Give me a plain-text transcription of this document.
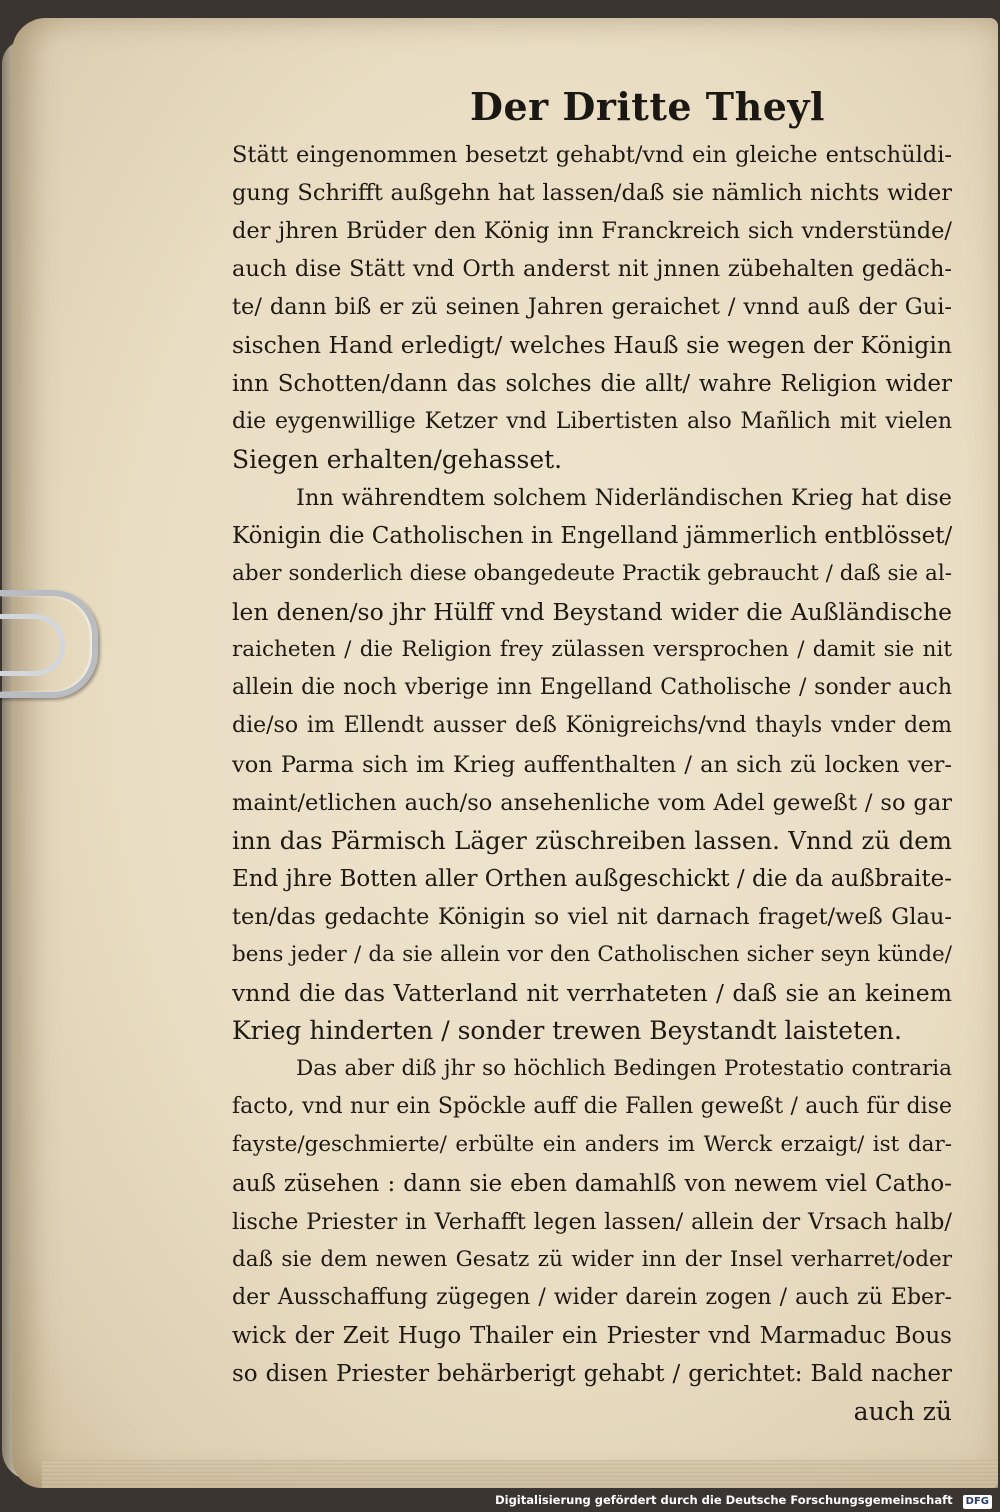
Der Dritte Theyl
Stätt eingenommen besetzt gehabt/vnd ein gleiche entschüldi-
gung Schrifft außgehn hat lassen/daß sie nämlich nichts wider
der jhren Brüder den König inn Franckreich sich vnderstünde/
auch dise Stätt vnd Orth anderst nit jnnen zübehalten gedäch-
te/ dann biß er zü seinen Jahren geraichet / vnnd auß der Gui-
sischen Hand erledigt/ welches Hauß sie wegen der Königin
inn Schotten/dann das solches die allt/ wahre Religion wider
die eygenwillige Ketzer vnd Libertisten also Mañlich mit vielen
Siegen erhalten/gehasset.
Inn währendtem solchem Niderländischen Krieg hat dise
Königin die Catholischen in Engelland jämmerlich entblösset/
aber sonderlich diese obangedeute Practik gebraucht / daß sie al-
len denen/so jhr Hülff vnd Beystand wider die Außländische
raicheten / die Religion frey zülassen versprochen / damit sie nit
allein die noch vberige inn Engelland Catholische / sonder auch
die/so im Ellendt ausser deß Königreichs/vnd thayls vnder dem
von Parma sich im Krieg auffenthalten / an sich zü locken ver-
maint/etlichen auch/so ansehenliche vom Adel geweßt / so gar
inn das Pärmisch Läger züschreiben lassen. Vnnd zü dem
End jhre Botten aller Orthen außgeschickt / die da außbraite-
ten/das gedachte Königin so viel nit darnach fraget/weß Glau-
bens jeder / da sie allein vor den Catholischen sicher seyn künde/
vnnd die das Vatterland nit verrhateten / daß sie an keinem
Krieg hinderten / sonder trewen Beystandt laisteten.
Das aber diß jhr so höchlich Bedingen Protestatio contraria
facto, vnd nur ein Spöckle auff die Fallen geweßt / auch für dise
fayste/geschmierte/ erbülte ein anders im Werck erzaigt/ ist dar-
auß züsehen : dann sie eben damahlß von newem viel Catho-
lische Priester in Verhafft legen lassen/ allein der Vrsach halb/
daß sie dem newen Gesatz zü wider inn der Insel verharret/oder
der Ausschaffung zügegen / wider darein zogen / auch zü Eber-
wick der Zeit Hugo Thailer ein Priester vnd Marmaduc Bous
so disen Priester behärberigt gehabt / gerichtet: Bald nacher
auch zü
Digitalisierung gefördert durch die Deutsche Forschungsgemeinschaft DFG
